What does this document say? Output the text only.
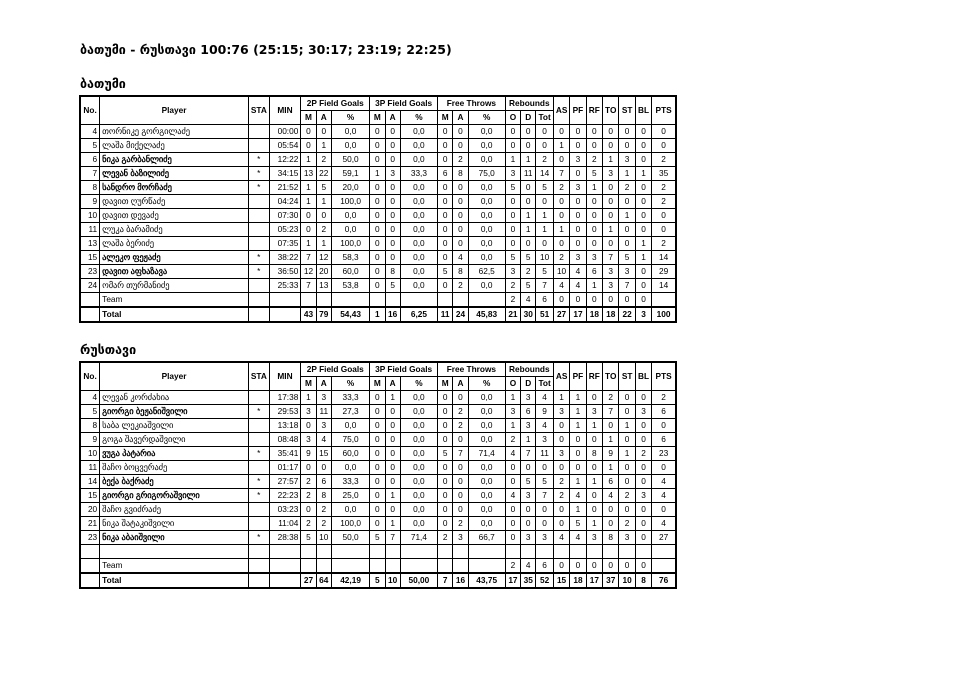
ბათუმი - რუსთავი 100:76 (25:15; 30:17; 23:19; 22:25)
ბათუმი
No.	Player	STA	MIN	2P Field Goals			3P Field Goals			Free Throws			Rebounds			AS	PF	RF	TO	ST	BL	PTS
				M	A	%	M	A	%	M	A	%	O	D	Tot							
4	თორნიკე გორგილაძე		00:00	0	0	0,0	0	0	0,0	0	0	0,0	0	0	0	0	0	0	0	0	0	0
5	ლაშა მიქელაძე		05:54	0	1	0,0	0	0	0,0	0	0	0,0	0	0	0	1	0	0	0	0	0	0
6	ნიკა გარბანლიძე	*	12:22	1	2	50,0	0	0	0,0	0	2	0,0	1	1	2	0	3	2	1	3	0	2
7	ლევან ბაზილიძე	*	34:15	13	22	59,1	1	3	33,3	6	8	75,0	3	11	14	7	0	5	3	1	1	35
8	სანდრო მორჩაძე	*	21:52	1	5	20,0	0	0	0,0	0	0	0,0	5	0	5	2	3	1	0	2	0	2
9	დავით ღურწაძე		04:24	1	1	100,0	0	0	0,0	0	0	0,0	0	0	0	0	0	0	0	0	0	2
10	დავით დევაძე		07:30	0	0	0,0	0	0	0,0	0	0	0,0	0	1	1	0	0	0	0	1	0	0
11	ლუკა ბარამიძე		05:23	0	2	0,0	0	0	0,0	0	0	0,0	0	1	1	1	0	0	1	0	0	0
13	ლაშა ბერიძე		07:35	1	1	100,0	0	0	0,0	0	0	0,0	0	0	0	0	0	0	0	0	1	2
15	ალეკო ფეჟაძე	*	38:22	7	12	58,3	0	0	0,0	0	4	0,0	5	5	10	2	3	3	7	5	1	14
23	დავით აფხაზავა	*	36:50	12	20	60,0	0	8	0,0	5	8	62,5	3	2	5	10	4	6	3	3	0	29
24	ომარ თურმანიძე		25:33	7	13	53,8	0	5	0,0	0	2	0,0	2	5	7	4	4	1	3	7	0	14
	Team												2	4	6	0	0	0	0	0	0	
	Total			43	79	54,43	1	16	6,25	11	24	45,83	21	30	51	27	17	18	18	22	3	100
რუსთავი
No.	Player	STA	MIN	2P Field Goals			3P Field Goals			Free Throws			Rebounds			AS	PF	RF	TO	ST	BL	PTS
				M	A	%	M	A	%	M	A	%	O	D	Tot							
4	ლევან კორძახია		17:38	1	3	33,3	0	1	0,0	0	0	0,0	1	3	4	1	1	0	2	0	0	2
5	გიორგი ბეჟანიშვილი	*	29:53	3	11	27,3	0	0	0,0	0	2	0,0	3	6	9	3	1	3	7	0	3	6
8	საბა ლეკიაშვილი		13:18	0	3	0,0	0	0	0,0	0	2	0,0	1	3	4	0	1	1	0	1	0	0
9	გოგა შავერდაშვილი		08:48	3	4	75,0	0	0	0,0	0	0	0,0	2	1	3	0	0	0	1	0	0	6
10	ვუგა პატარია	*	35:41	9	15	60,0	0	0	0,0	5	7	71,4	4	7	11	3	0	8	9	1	2	23
11	შაჩო ბოცვერაძე		01:17	0	0	0,0	0	0	0,0	0	0	0,0	0	0	0	0	0	0	1	0	0	0
14	ბექა ბაქრაძე	*	27:57	2	6	33,3	0	0	0,0	0	0	0,0	0	5	5	2	1	1	6	0	0	4
15	გიორგი გრიგორაშვილი	*	22:23	2	8	25,0	0	1	0,0	0	0	0,0	4	3	7	2	4	0	4	2	3	4
20	შაჩო გვიძრაძე		03:23	0	2	0,0	0	0	0,0	0	0	0,0	0	0	0	0	1	0	0	0	0	0
21	ნიკა შატაკიშვილი		11:04	2	2	100,0	0	1	0,0	0	2	0,0	0	0	0	0	5	1	0	2	0	4
23	ნიკა აბაიშვილი	*	28:38	5	10	50,0	5	7	71,4	2	3	66,7	0	3	3	4	4	3	8	3	0	27

	Team												2	4	6	0	0	0	0	0	0	
	Total			27	64	42,19	5	10	50,00	7	16	43,75	17	35	52	15	18	17	37	10	8	76
